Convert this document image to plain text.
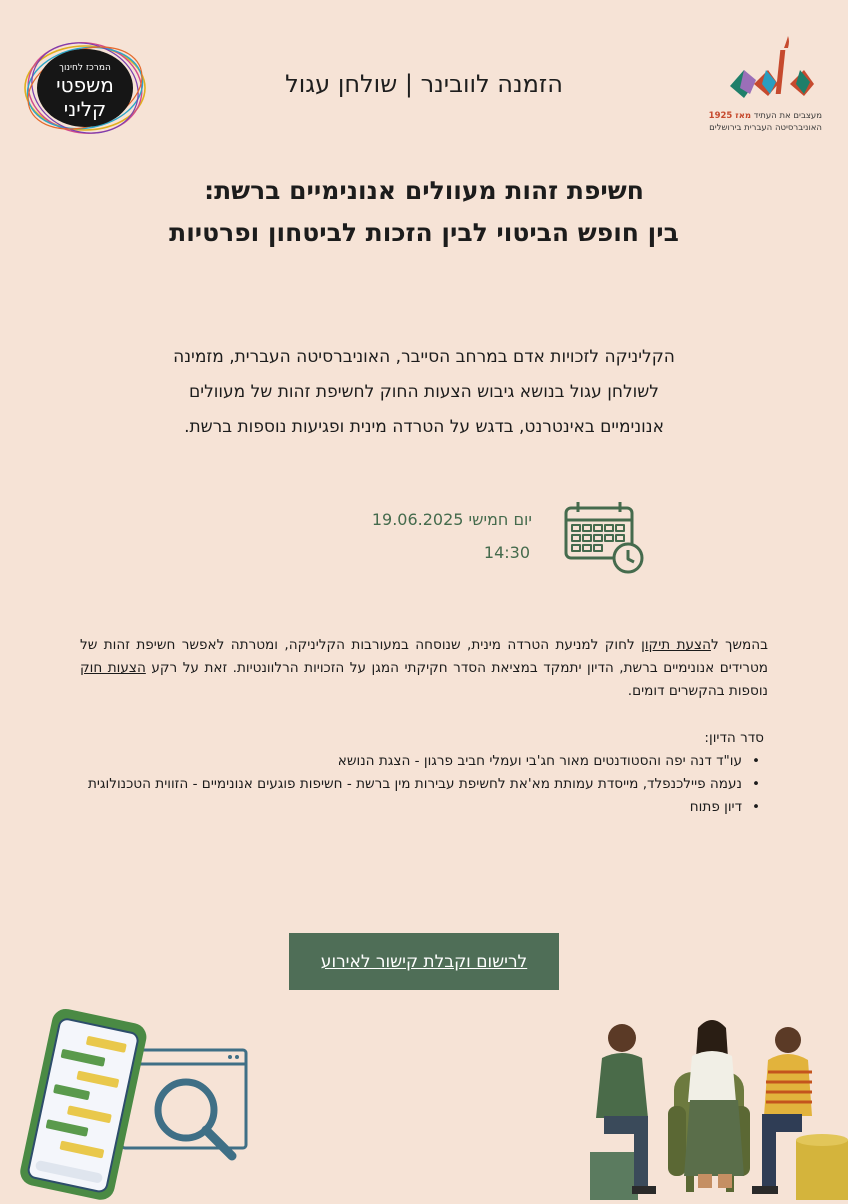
המרכז לחינוך
משפטי
קליני
מאה
מעצבים את העתיד מאז 1925
האוניברסיטה העברית בירושלים
הזמנה לוובינר | שולחן עגול
חשיפת זהות מעוולים אנונימיים ברשת:
בין חופש הביטוי לבין הזכות לביטחון ופרטיות
הקליניקה לזכויות אדם במרחב הסייבר, האוניברסיטה העברית, מזמינה
לשולחן עגול בנושא גיבוש הצעות החוק לחשיפת זהות של מעוולים
אנונימיים באינטרנט, בדגש על הטרדה מינית ופגיעות נוספות ברשת.
יום חמישי 19.06.2025
14:30
בהמשך להצעת תיקון לחוק למניעת הטרדה מינית, שנוסחה במעורבות הקליניקה, ומטרתה לאפשר חשיפת זהות של מטרידים אנונימיים ברשת, הדיון יתמקד במציאת הסדר חקיקתי המגן על הזכויות הרלוונטיות. זאת על רקע הצעות חוק נוספות בהקשרים דומים.
סדר הדיון:
• עו"ד דנה יפה והסטודנטים מאור חג'בי ועמלי חביב פרגון - הצגת הנושא
• נעמה פיילכנפלד, מייסדת עמותת מא'את לחשיפת עבירות מין ברשת - חשיפות פוגעים אנונימיים - הזווית הטכנולוגית
• דיון פתוח
לרישום וקבלת קישור לאירוע
